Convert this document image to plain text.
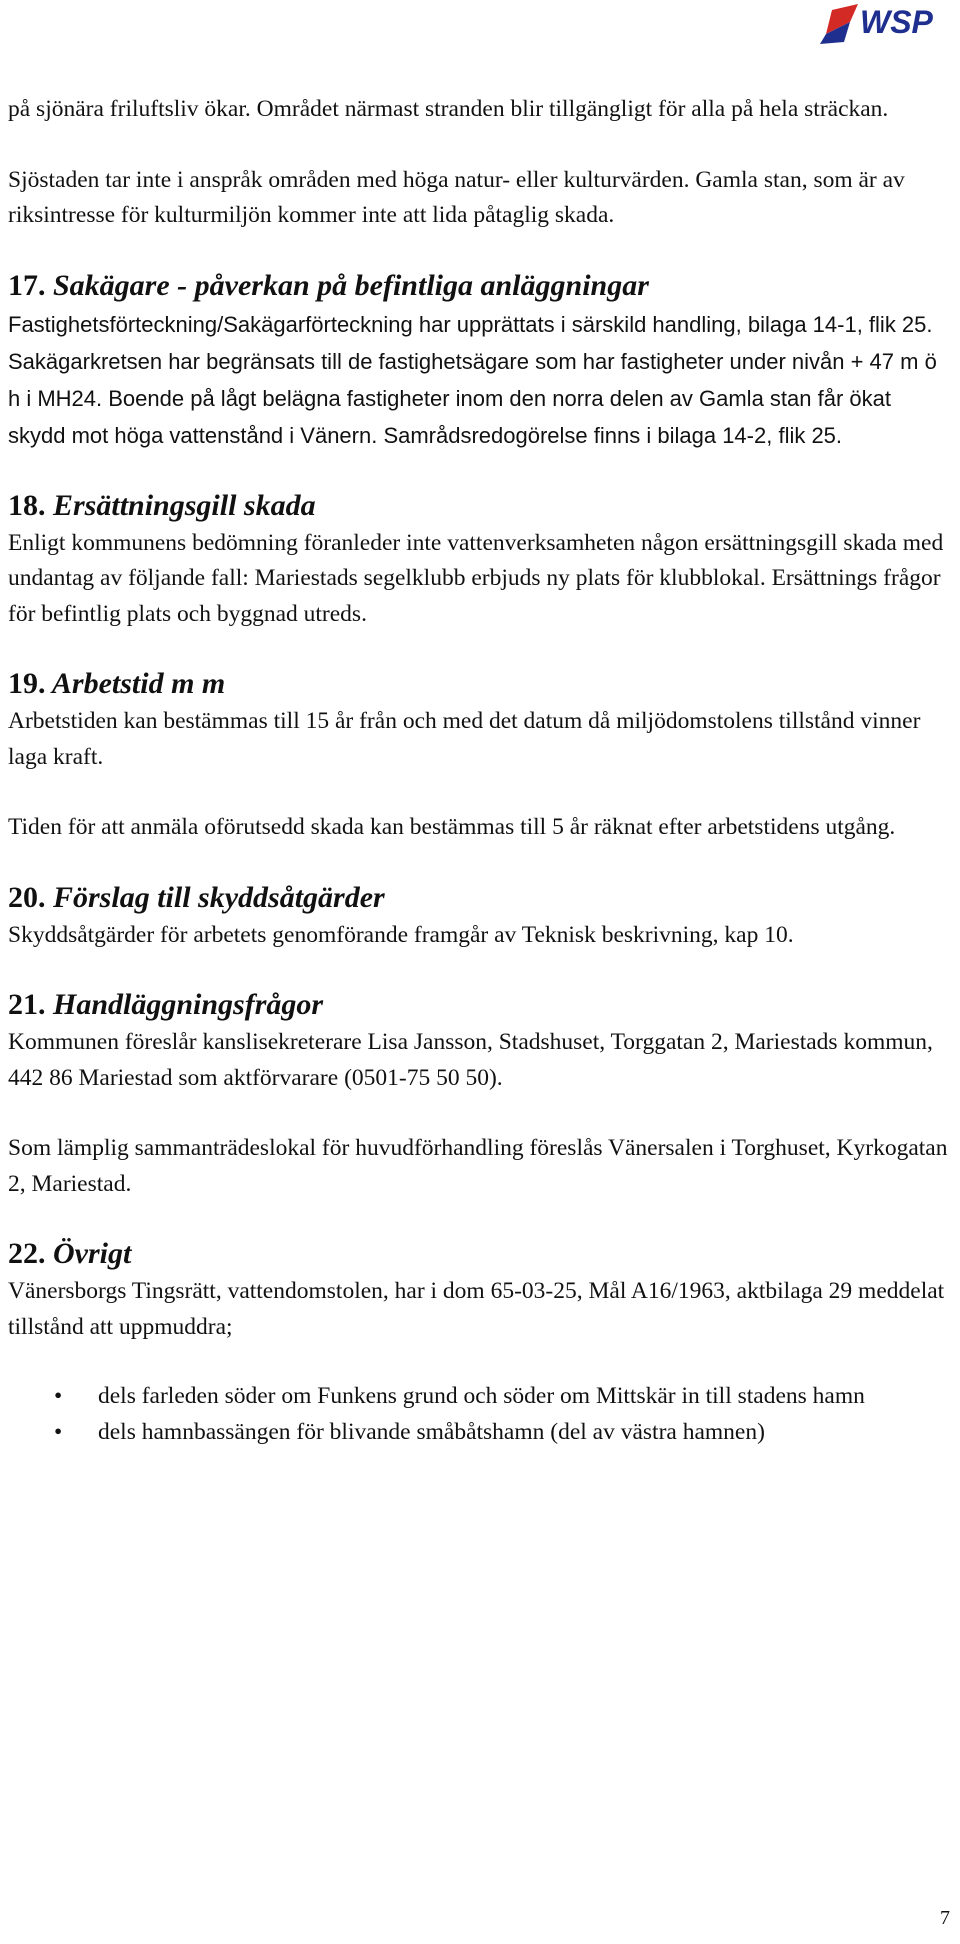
WSP

på sjönära friluftsliv ökar. Området närmast stranden blir tillgängligt för alla på hela sträckan.

Sjöstaden tar inte i anspråk områden med höga natur- eller kulturvärden. Gamla stan, som är av riksintresse för kulturmiljön kommer inte att lida påtaglig skada.

17. Sakägare - påverkan på befintliga anläggningar

Fastighetsförteckning/Sakägarförteckning har upprättats i särskild handling, bilaga 14-1, flik 25. Sakägarkretsen har begränsats till de fastighetsägare som har fastigheter under nivån + 47 m ö h i MH24. Boende på lågt belägna fastigheter inom den norra delen av Gamla stan får ökat skydd mot höga vattenstånd i Vänern. Samrådsredogörelse finns i bilaga 14-2, flik 25.

18. Ersättningsgill skada

Enligt kommunens bedömning föranleder inte vattenverksamheten någon ersättningsgill skada med undantag av följande fall: Mariestads segelklubb erbjuds ny plats för klubblokal. Ersättnings frågor för befintlig plats och byggnad utreds.

19. Arbetstid m m

Arbetstiden kan bestämmas till 15 år från och med det datum då miljödomstolens tillstånd vinner laga kraft.

Tiden för att anmäla oförutsedd skada kan bestämmas till 5 år räknat efter arbetstidens utgång.

20. Förslag till skyddsåtgärder

Skyddsåtgärder för arbetets genomförande framgår av Teknisk beskrivning, kap 10.

21. Handläggningsfrågor

Kommunen föreslår kanslisekreterare Lisa Jansson, Stadshuset, Torggatan 2, Mariestads kommun, 442 86 Mariestad som aktförvarare (0501-75 50 50).

Som lämplig sammanträdeslokal för huvudförhandling föreslås Vänersalen i Torghuset, Kyrkogatan 2, Mariestad.

22. Övrigt

Vänersborgs Tingsrätt, vattendomstolen, har i dom 65-03-25, Mål A16/1963, aktbilaga 29 meddelat tillstånd att uppmuddra;

• dels farleden söder om Funkens grund och söder om Mittskär in till stadens hamn
• dels hamnbassängen för blivande småbåtshamn (del av västra hamnen)
7
